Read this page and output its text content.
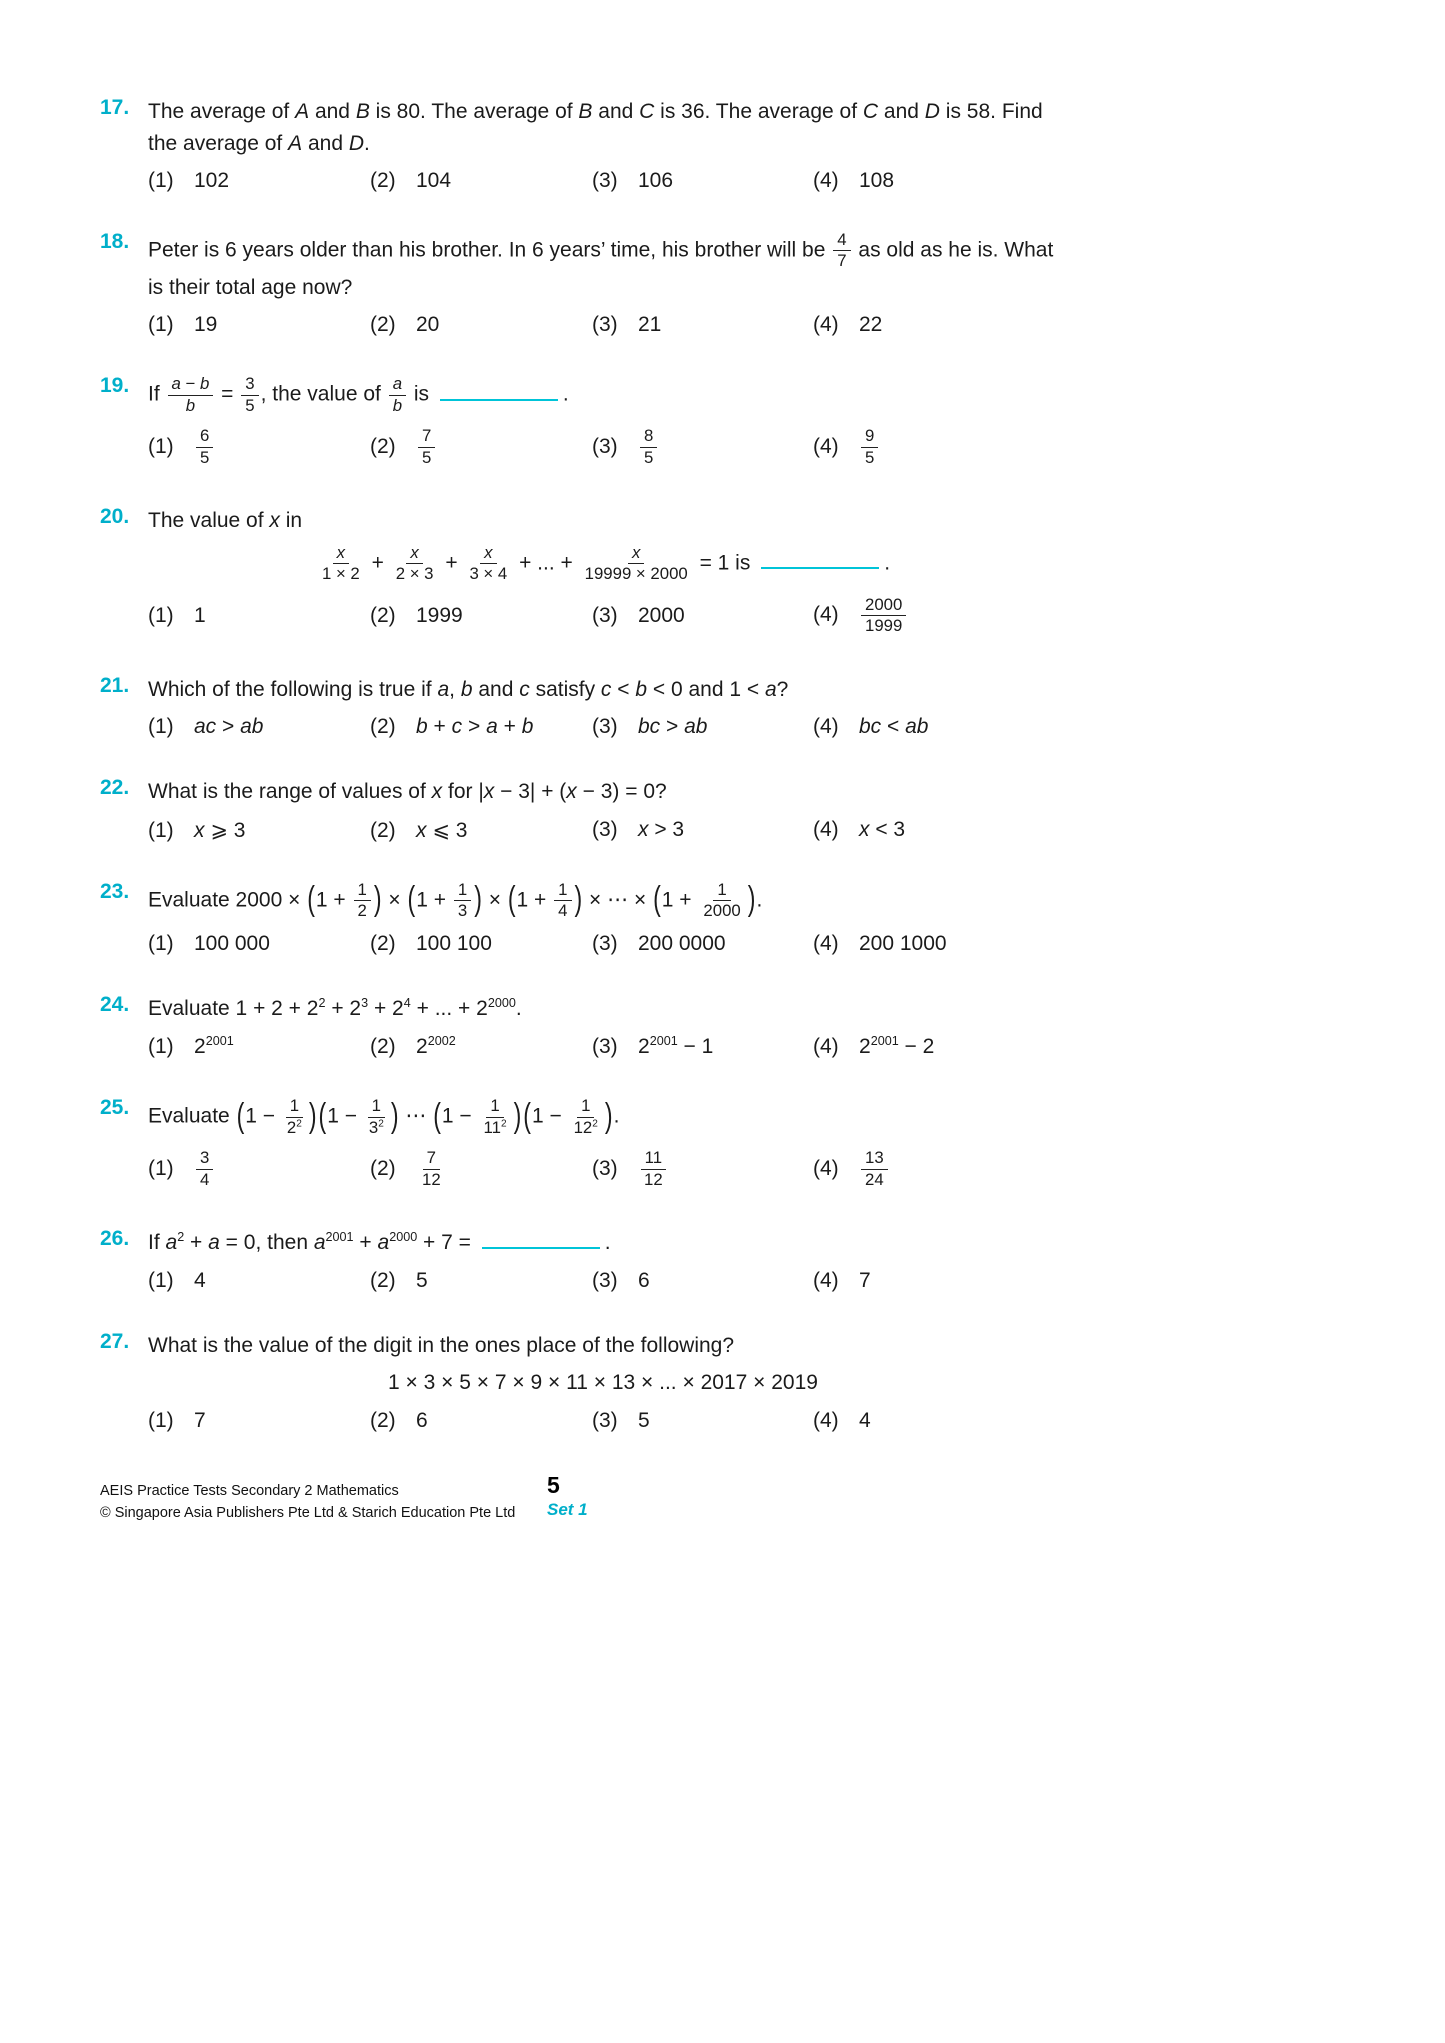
17. The average of A and B is 80. The average of B and C is 36. The average of C and D is 58. Find the average of A and D.
(1) 102	(2) 104	(3) 106	(4) 108
18. Peter is 6 years older than his brother. In 6 years’ time, his brother will be $\frac{4}{7}$ as old as he is. What is their total age now?
(1) 19	(2) 20	(3) 21	(4) 22
19. If $\frac{a - b}{b} = \frac{3}{5}$ , the value of $\frac{a}{b}$ is	.
$(1) \frac{6}{5}$	$(2) \frac{7}{5}$	$(3) \frac{8}{5}$	$(4) \frac{9}{5}$
20. The value of x in
$\frac{x}{1 \times 2} + \frac{x}{2 \times 3} + \frac{x}{3 \times 4}$ + ... + $\frac{x}{19999 \times 2000} = 1$ is	.
(1) 1	(2) 1999	(3) 2000	$(4) \frac{2000}{1999}$
21. Which of the following is true if a, b and c satisfy c < b < 0 and 1 < a?
(1) ac > ab	(2) b + c > a + b	(3) bc > ab	(4) bc < ab
22. What is the range of values of x for |x − 3| + (x − 3) = 0?
(1) x ⩾ 3	(2) x ⩽ 3	(3) x > 3	(4) x < 3
23. Evaluate $2000 \times (1 + \frac{1}{2}$ ) × ($1 + \frac{1}{3}$ ) × ($1 + \frac{1}{4}$ ) × ⋯ × ($1 + \frac{1}{2000}$ ).
(1) 100 000	(2) 100 100	(3) 200 0000	(4) 200 1000
24. Evaluate $1 + 2 + 2^2 + 2^3 + 2^4$ + ... + $2^{2000}$.
(1) $2^{2001}$	(2) $2^{2002}$	(3) $2^{2001} - 1$	(4) $2^{2001} - 2$
25. Evaluate $(1 - \frac{1}{2^2} )(1 - \frac{1}{3^2}$ ) ⋯ $(1 - \frac{1}{11^2} )(1 - \frac{1}{12^2}$ ).
$(1) \frac{3}{4}$	$(2) \frac{7}{12}$	$(3) \frac{11}{12}$	$(4) \frac{13}{24}$
26. If $a^2 + a = 0$, then $a^{2001} + a^{2000} + 7$ =	.
(1) 4	(2) 5	(3) 6	(4) 7
27. What is the value of the digit in the ones place of the following?
1 × 3 × 5 × 7 × 9 × 11 × 13 × ... × 2017 × 2019
(1) 7	(2) 6	(3) 5	(4) 4
AEIS Practice Tests Secondary 2 Mathematics
© Singapore Asia Publishers Pte Ltd & Starich Education Pte Ltd
5
Set 1
